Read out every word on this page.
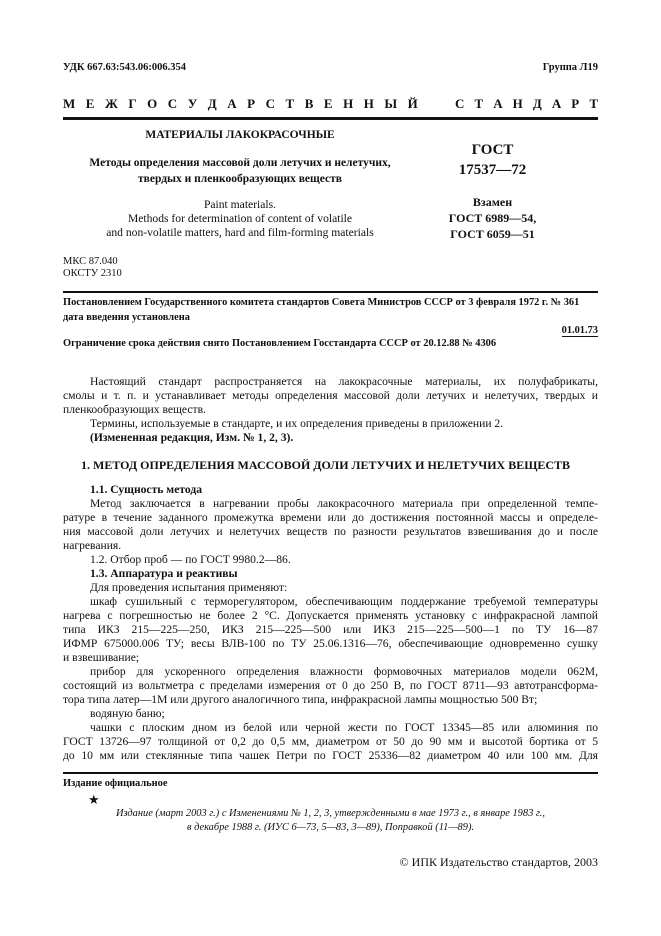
УДК 667.63:543.06:006.354	Группа Л19
М Е Ж Г О С У Д А Р С Т В Е Н Н Ы Й	С Т А Н Д А Р Т
МАТЕРИАЛЫ ЛАКОКРАСОЧНЫЕ
Методы определения массовой доли летучих и нелетучих,
твердых и пленкообразующих веществ
Paint materials.
Methods for determination of content of volatile
and non-volatile matters, hard and film-forming materials
ГОСТ
17537—72
Взамен
ГОСТ 6989—54,
ГОСТ 6059—51
МКС 87.040
ОКСТУ 2310
Постановлением Государственного комитета стандартов Совета Министров СССР от 3 февраля 1972 г. № 361
дата введения установлена
01.01.73
Ограничение срока действия снято Постановлением Госстандарта СССР от 20.12.88 № 4306
Настоящий стандарт распространяется на лакокрасочные материалы, их полуфабрикаты,
смолы и т. п. и устанавливает методы определения массовой доли летучих и нелетучих, твердых и
пленкообразующих веществ.
Термины, используемые в стандарте, и их определения приведены в приложении 2.
(Измененная редакция, Изм. № 1, 2, 3).
1. МЕТОД ОПРЕДЕЛЕНИЯ МАССОВОЙ ДОЛИ ЛЕТУЧИХ И НЕЛЕТУЧИХ ВЕЩЕСТВ
1.1. Сущность метода
Метод заключается в нагревании пробы лакокрасочного материала при определенной темпе-
ратуре в течение заданного промежутка времени или до достижения постоянной массы и определе-
ния массовой доли летучих и нелетучих веществ по разности результатов взвешивания до и после
нагревания.
1.2. Отбор проб — по ГОСТ 9980.2—86.
1.3. Аппаратура и реактивы
Для проведения испытания применяют:
шкаф сушильный с терморегулятором, обеспечивающим поддержание требуемой температуры
нагрева с погрешностью не более 2 °С. Допускается применять установку с инфракрасной лампой
типа ИКЗ 215—225—250, ИКЗ 215—225—500 или ИКЗ 215—225—500—1 по ТУ 16—87
ИФМР 675000.006 ТУ; весы ВЛВ-100 по ТУ 25.06.1316—76, обеспечивающие одновременно сушку
и взвешивание;
прибор для ускоренного определения влажности формовочных материалов модели 062М,
состоящий из вольтметра с пределами измерения от 0 до 250 В, по ГОСТ 8711—93 автотрансформа-
тора типа латер—1М или другого аналогичного типа, инфракрасной лампы мощностью 500 Вт;
водяную баню;
чашки с плоским дном из белой или черной жести по ГОСТ 13345—85 или алюминия по
ГОСТ 13726—97 толщиной от 0,2 до 0,5 мм, диаметром от 50 до 90 мм и высотой бортика от 5
до 10 мм или стеклянные типа чашек Петри по ГОСТ 25336—82 диаметром 40 или 100 мм. Для
Издание официальное
★
Издание (март 2003 г.) с Изменениями № 1, 2, 3, утвержденными в мае 1973 г., в январе 1983 г.,
в декабре 1988 г. (ИУС 6—73, 5—83, 3—89), Поправкой (11—89).
© ИПК Издательство стандартов, 2003
